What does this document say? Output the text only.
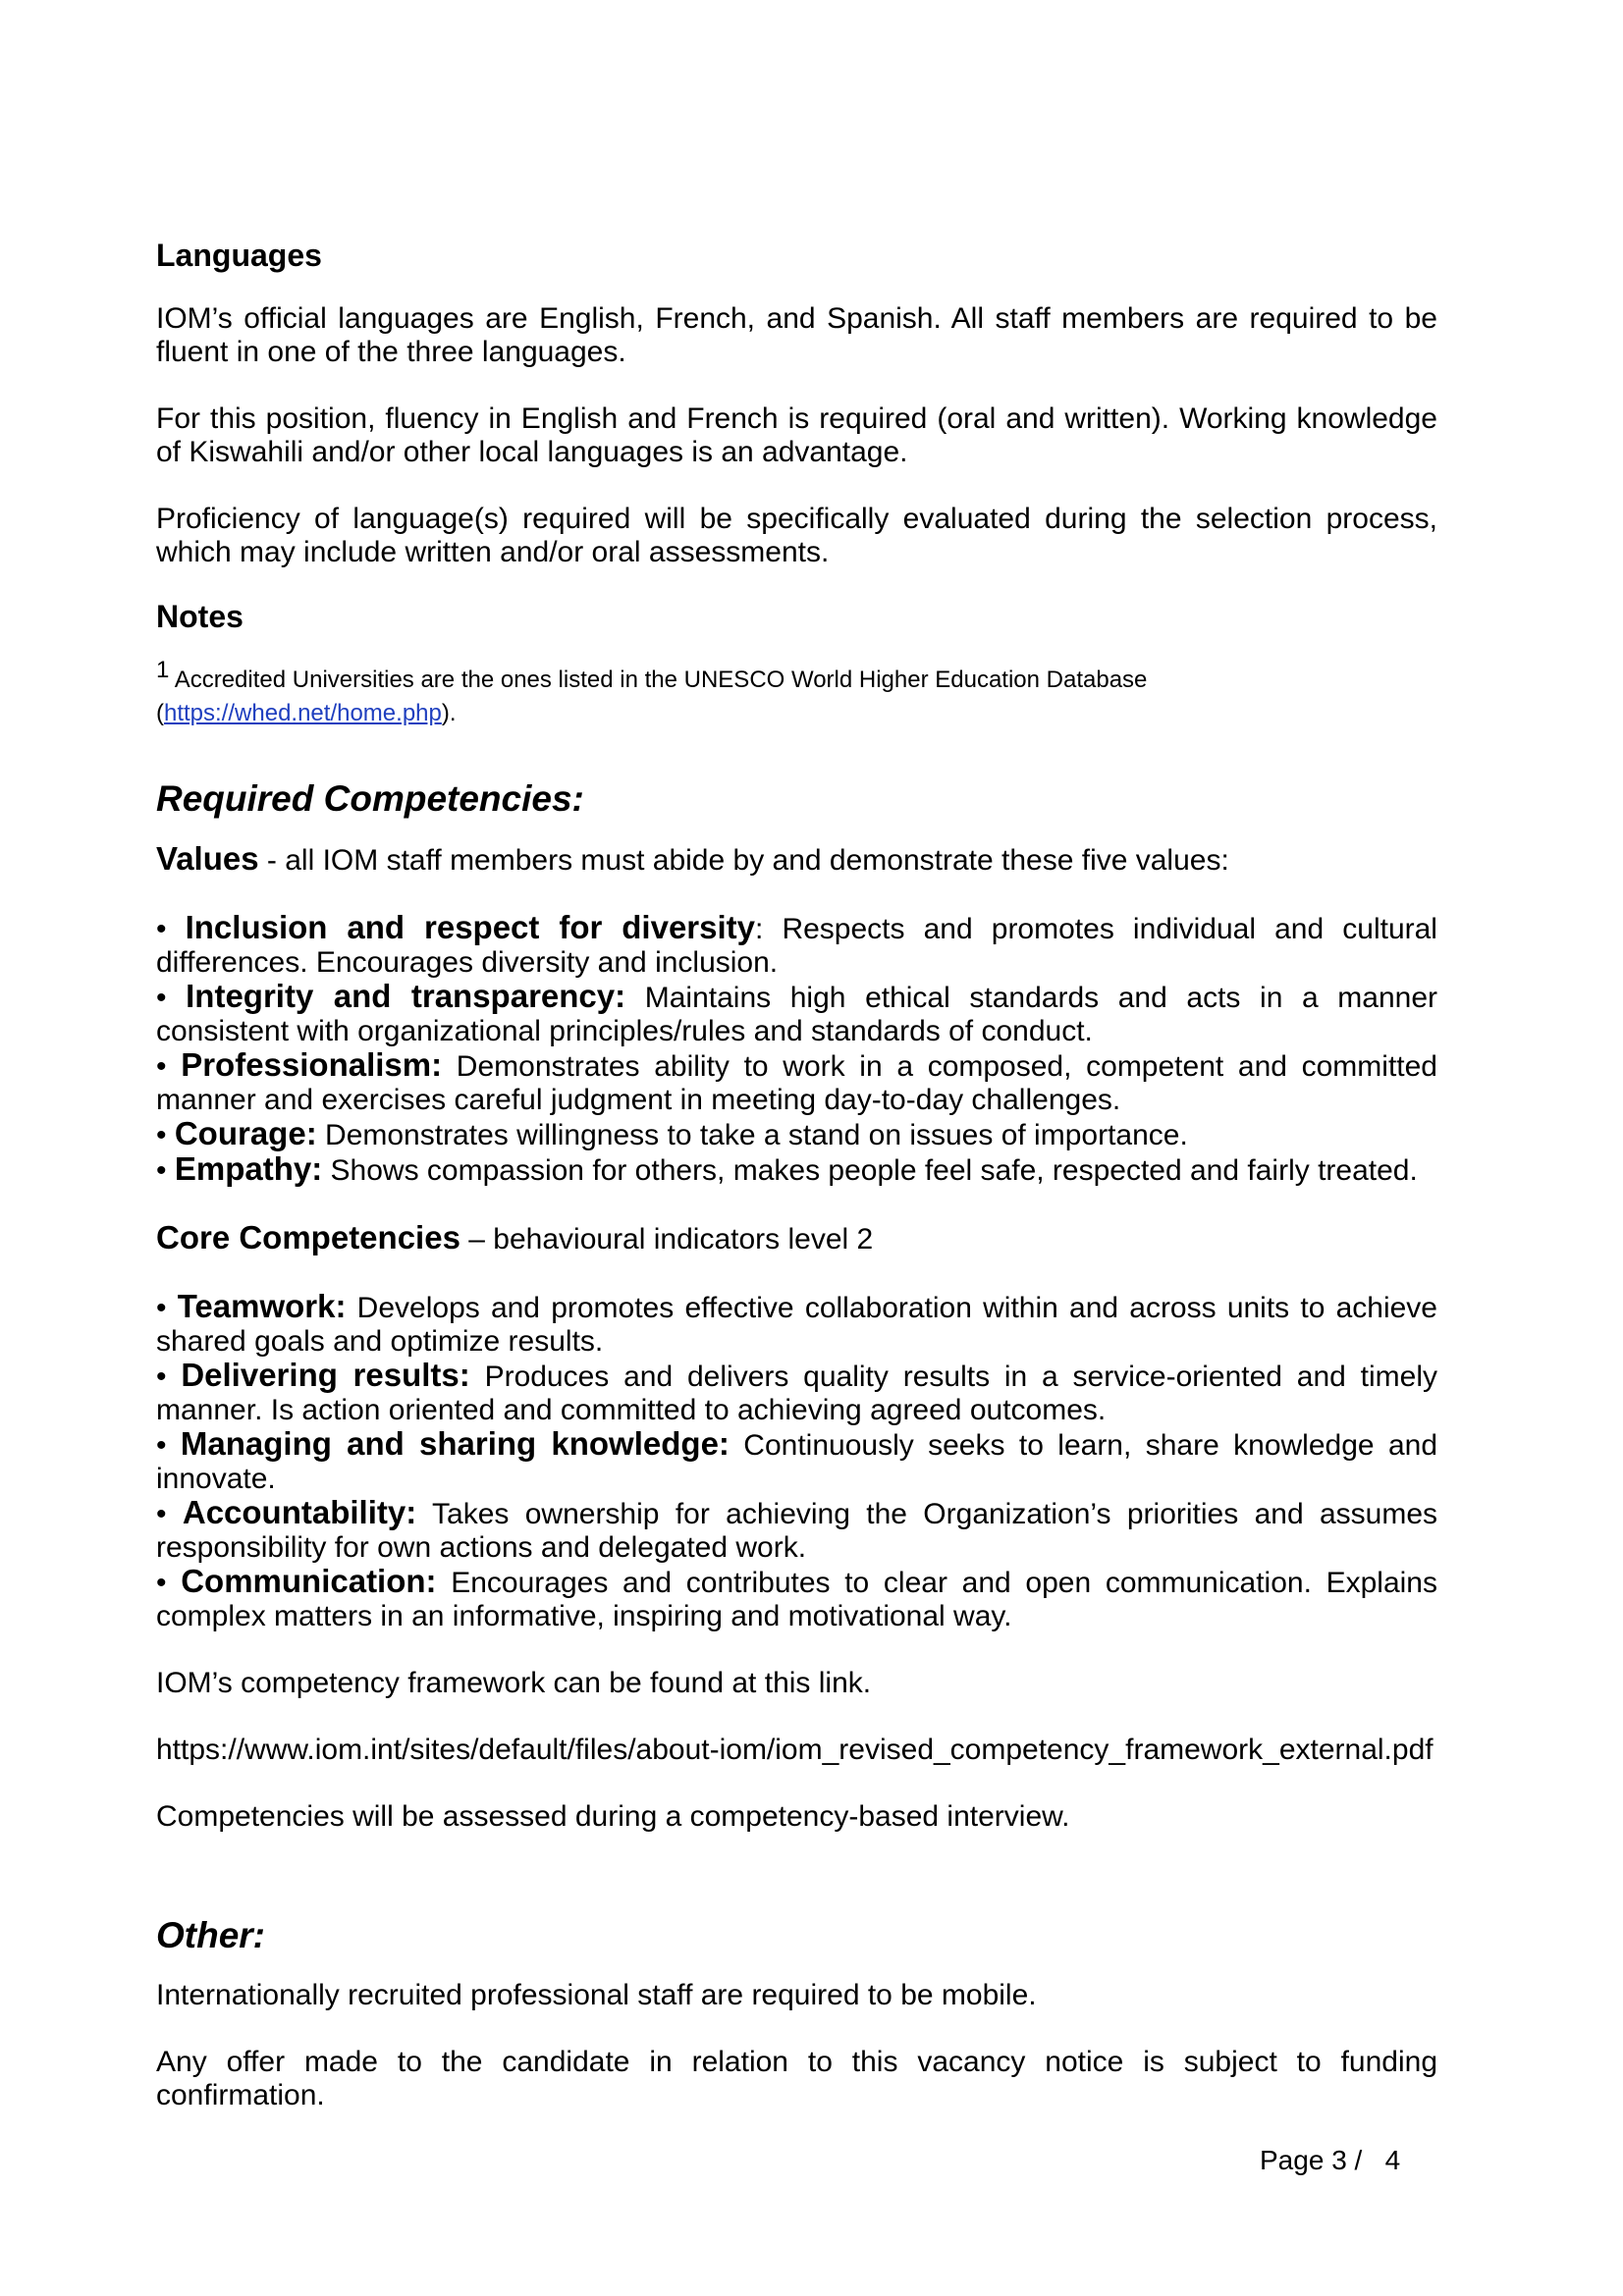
Languages

IOM’s official languages are English, French, and Spanish. All staff members are required to be fluent in one of the three languages.

For this position, fluency in English and French is required (oral and written). Working knowledge of Kiswahili and/or other local languages is an advantage.

Proficiency of language(s) required will be specifically evaluated during the selection process, which may include written and/or oral assessments.

Notes

$^1$ Accredited Universities are the ones listed in the UNESCO World Higher Education Database

(https://whed.net/home.php).

Required Competencies:

Values - all IOM staff members must abide by and demonstrate these five values:

• Inclusion and respect for diversity: Respects and promotes individual and cultural differences. Encourages diversity and inclusion.

• Integrity and transparency: Maintains high ethical standards and acts in a manner consistent with organizational principles/rules and standards of conduct.

• Professionalism: Demonstrates ability to work in a composed, competent and committed manner and exercises careful judgment in meeting day-to-day challenges.

• Courage: Demonstrates willingness to take a stand on issues of importance.

• Empathy: Shows compassion for others, makes people feel safe, respected and fairly treated.

Core Competencies – behavioural indicators level 2

• Teamwork: Develops and promotes effective collaboration within and across units to achieve shared goals and optimize results.

• Delivering results: Produces and delivers quality results in a service-oriented and timely manner. Is action oriented and committed to achieving agreed outcomes.

• Managing and sharing knowledge: Continuously seeks to learn, share knowledge and innovate.

• Accountability: Takes ownership for achieving the Organization’s priorities and assumes responsibility for own actions and delegated work.

• Communication: Encourages and contributes to clear and open communication. Explains complex matters in an informative, inspiring and motivational way.

IOM’s competency framework can be found at this link.

https://www.iom.int/sites/default/files/about-iom/iom_revised_competency_framework_external.pdf

Competencies will be assessed during a competency-based interview.

Other:

Internationally recruited professional staff are required to be mobile.

Any offer made to the candidate in relation to this vacancy notice is subject to funding confirmation.

Page 3 / 4
